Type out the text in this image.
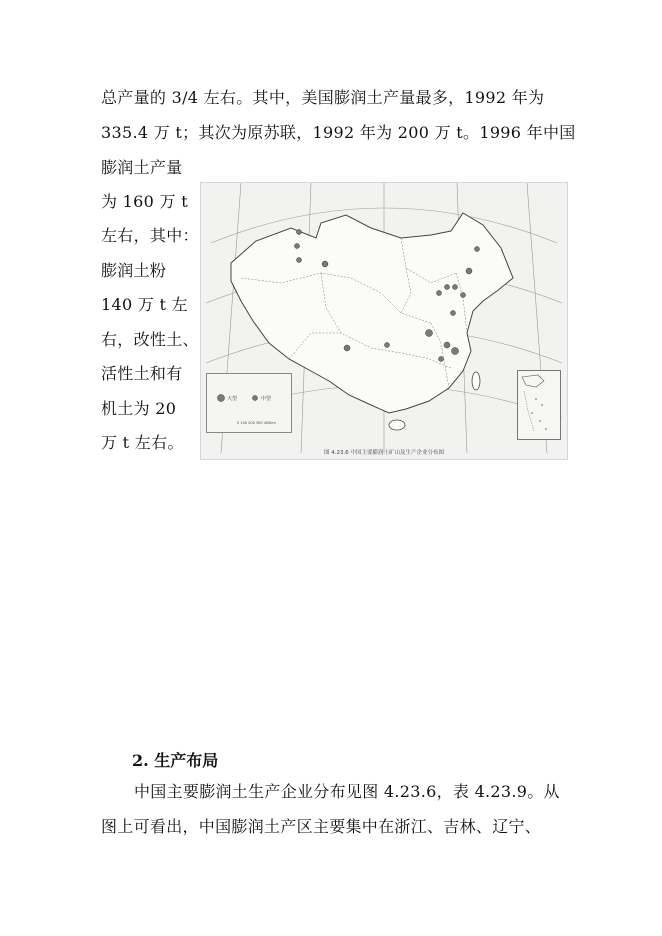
总产量的 3/4 左右。其中，美国膨润土产量最多，1992 年为
335.4 万 t；其次为原苏联，1992 年为 200 万 t。1996 年中国
膨润土产量
为 160 万 t
左右，其中：
膨润土粉
140 万 t 左
右，改性土、
活性土和有
机土为 20
万 t 左右。
大型	中型
0 100 200 300 400km
图 4.23.6 中国主要膨润土矿山及生产企业分布图
2. 生产布局
中国主要膨润土生产企业分布见图 4.23.6，表 4.23.9。从
图上可看出，中国膨润土产区主要集中在浙江、吉林、辽宁、
